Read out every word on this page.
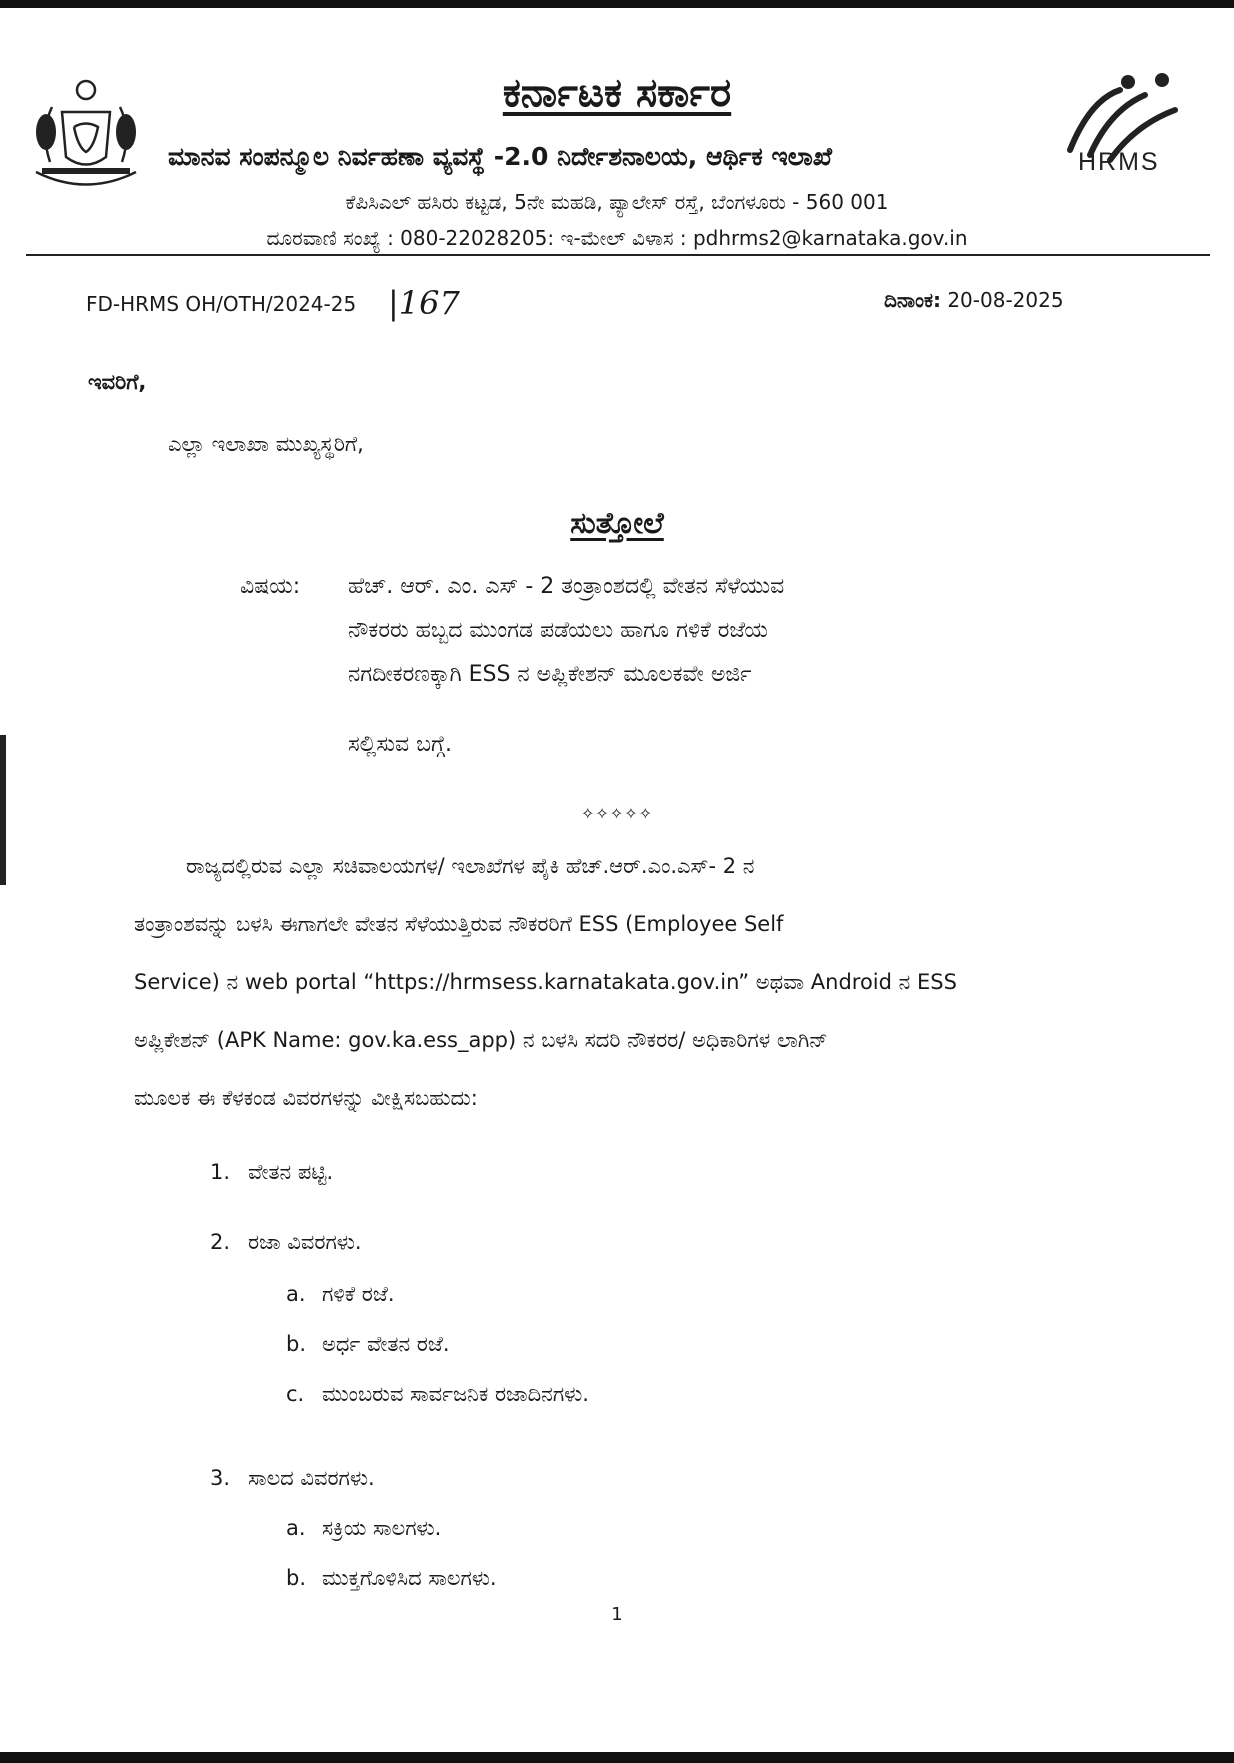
HRMS
ಕರ್ನಾಟಕ ಸರ್ಕಾರ
ಮಾನವ ಸಂಪನ್ಮೂಲ ನಿರ್ವಹಣಾ ವ್ಯವಸ್ಥೆ -2.0 ನಿರ್ದೇಶನಾಲಯ, ಆರ್ಥಿಕ ಇಲಾಖೆ
ಕೆಪಿಸಿಎಲ್ ಹಸಿರು ಕಟ್ಟಡ, 5ನೇ ಮಹಡಿ, ಪ್ಯಾಲೇಸ್ ರಸ್ತೆ, ಬೆಂಗಳೂರು - 560 001
ದೂರವಾಣಿ ಸಂಖ್ಯೆ : 080-22028205: ಇ-ಮೇಲ್ ವಿಳಾಸ : pdhrms2@karnataka.gov.in
FD-HRMS OH/OTH/2024-25 |167	ದಿನಾಂಕ: 20-08-2025
ಇವರಿಗೆ,
ಎಲ್ಲಾ ಇಲಾಖಾ ಮುಖ್ಯಸ್ಥರಿಗೆ,
ಸುತ್ತೋಲೆ
ವಿಷಯ: ಹೆಚ್. ಆರ್. ಎಂ. ಎಸ್ - 2 ತಂತ್ರಾಂಶದಲ್ಲಿ ವೇತನ ಸೆಳೆಯುವ
ನೌಕರರು ಹಬ್ಬದ ಮುಂಗಡ ಪಡೆಯಲು ಹಾಗೂ ಗಳಿಕೆ ರಜೆಯ
ನಗದೀಕರಣಕ್ಕಾಗಿ ESS ನ ಅಪ್ಲಿಕೇಶನ್ ಮೂಲಕವೇ ಅರ್ಜಿ
ಸಲ್ಲಿಸುವ ಬಗ್ಗೆ.
✧✧✧✧✧
ರಾಜ್ಯದಲ್ಲಿರುವ ಎಲ್ಲಾ ಸಚಿವಾಲಯಗಳ/ ಇಲಾಖೆಗಳ ಪೈಕಿ ಹೆಚ್.ಆರ್.ಎಂ.ಎಸ್- 2 ನ
ತಂತ್ರಾಂಶವನ್ನು ಬಳಸಿ ಈಗಾಗಲೇ ವೇತನ ಸೆಳೆಯುತ್ತಿರುವ ನೌಕರರಿಗೆ ESS (Employee Self
Service) ನ web portal “https://hrmsess.karnatakata.gov.in” ಅಥವಾ Android ನ ESS
ಅಪ್ಲಿಕೇಶನ್ (APK Name: gov.ka.ess_app) ನ ಬಳಸಿ ಸದರಿ ನೌಕರರ/ ಅಧಿಕಾರಿಗಳ ಲಾಗಿನ್
ಮೂಲಕ ಈ ಕೆಳಕಂಡ ವಿವರಗಳನ್ನು ವೀಕ್ಷಿಸಬಹುದು:
1. ವೇತನ ಪಟ್ಟಿ.
2. ರಜಾ ವಿವರಗಳು.
a. ಗಳಿಕೆ ರಜೆ.
b. ಅರ್ಧ ವೇತನ ರಜೆ.
c. ಮುಂಬರುವ ಸಾರ್ವಜನಿಕ ರಜಾದಿನಗಳು.
3. ಸಾಲದ ವಿವರಗಳು.
a. ಸಕ್ರಿಯ ಸಾಲಗಳು.
b. ಮುಕ್ತಗೊಳಿಸಿದ ಸಾಲಗಳು.
1
